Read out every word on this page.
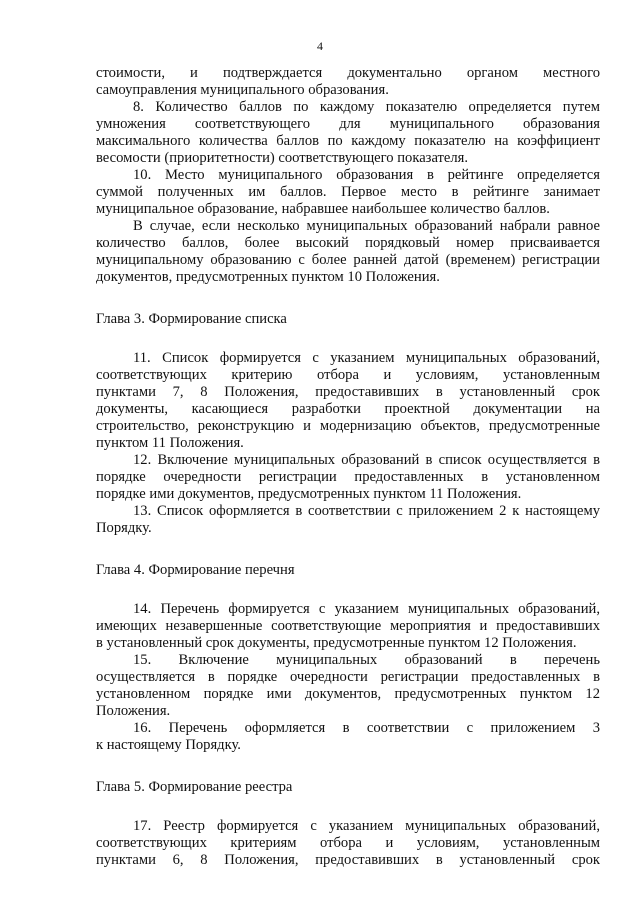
4

стоимости, и подтверждается документально органом местного
самоуправления муниципального образования.

8. Количество баллов по каждому показателю определяется путем
умножения соответствующего для муниципального образования
максимального количества баллов по каждому показателю на коэффициент
весомости (приоритетности) соответствующего показателя.

10. Место муниципального образования в рейтинге определяется
суммой полученных им баллов. Первое место в рейтинге занимает
муниципальное образование, набравшее наибольшее количество баллов.

В случае, если несколько муниципальных образований набрали равное
количество баллов, более высокий порядковый номер присваивается
муниципальному образованию с более ранней датой (временем) регистрации
документов, предусмотренных пунктом 10 Положения.

Глава 3. Формирование списка

11. Список формируется с указанием муниципальных образований,
соответствующих критерию отбора и условиям, установленным
пунктами 7, 8 Положения, предоставивших в установленный срок
документы, касающиеся разработки проектной документации на
строительство, реконструкцию и модернизацию объектов, предусмотренные
пунктом 11 Положения.

12. Включение муниципальных образований в список осуществляется в
порядке очередности регистрации предоставленных в установленном
порядке ими документов, предусмотренных пунктом 11 Положения.

13. Список оформляется в соответствии с приложением 2 к настоящему
Порядку.

Глава 4. Формирование перечня

14. Перечень формируется с указанием муниципальных образований,
имеющих незавершенные соответствующие мероприятия и предоставивших
в установленный срок документы, предусмотренные пунктом 12 Положения.

15. Включение муниципальных образований в перечень
осуществляется в порядке очередности регистрации предоставленных в
установленном порядке ими документов, предусмотренных пунктом 12
Положения.

16. Перечень оформляется в соответствии с приложением 3
к настоящему Порядку.

Глава 5. Формирование реестра

17. Реестр формируется с указанием муниципальных образований,
соответствующих критериям отбора и условиям, установленным
пунктами 6, 8 Положения, предоставивших в установленный срок
